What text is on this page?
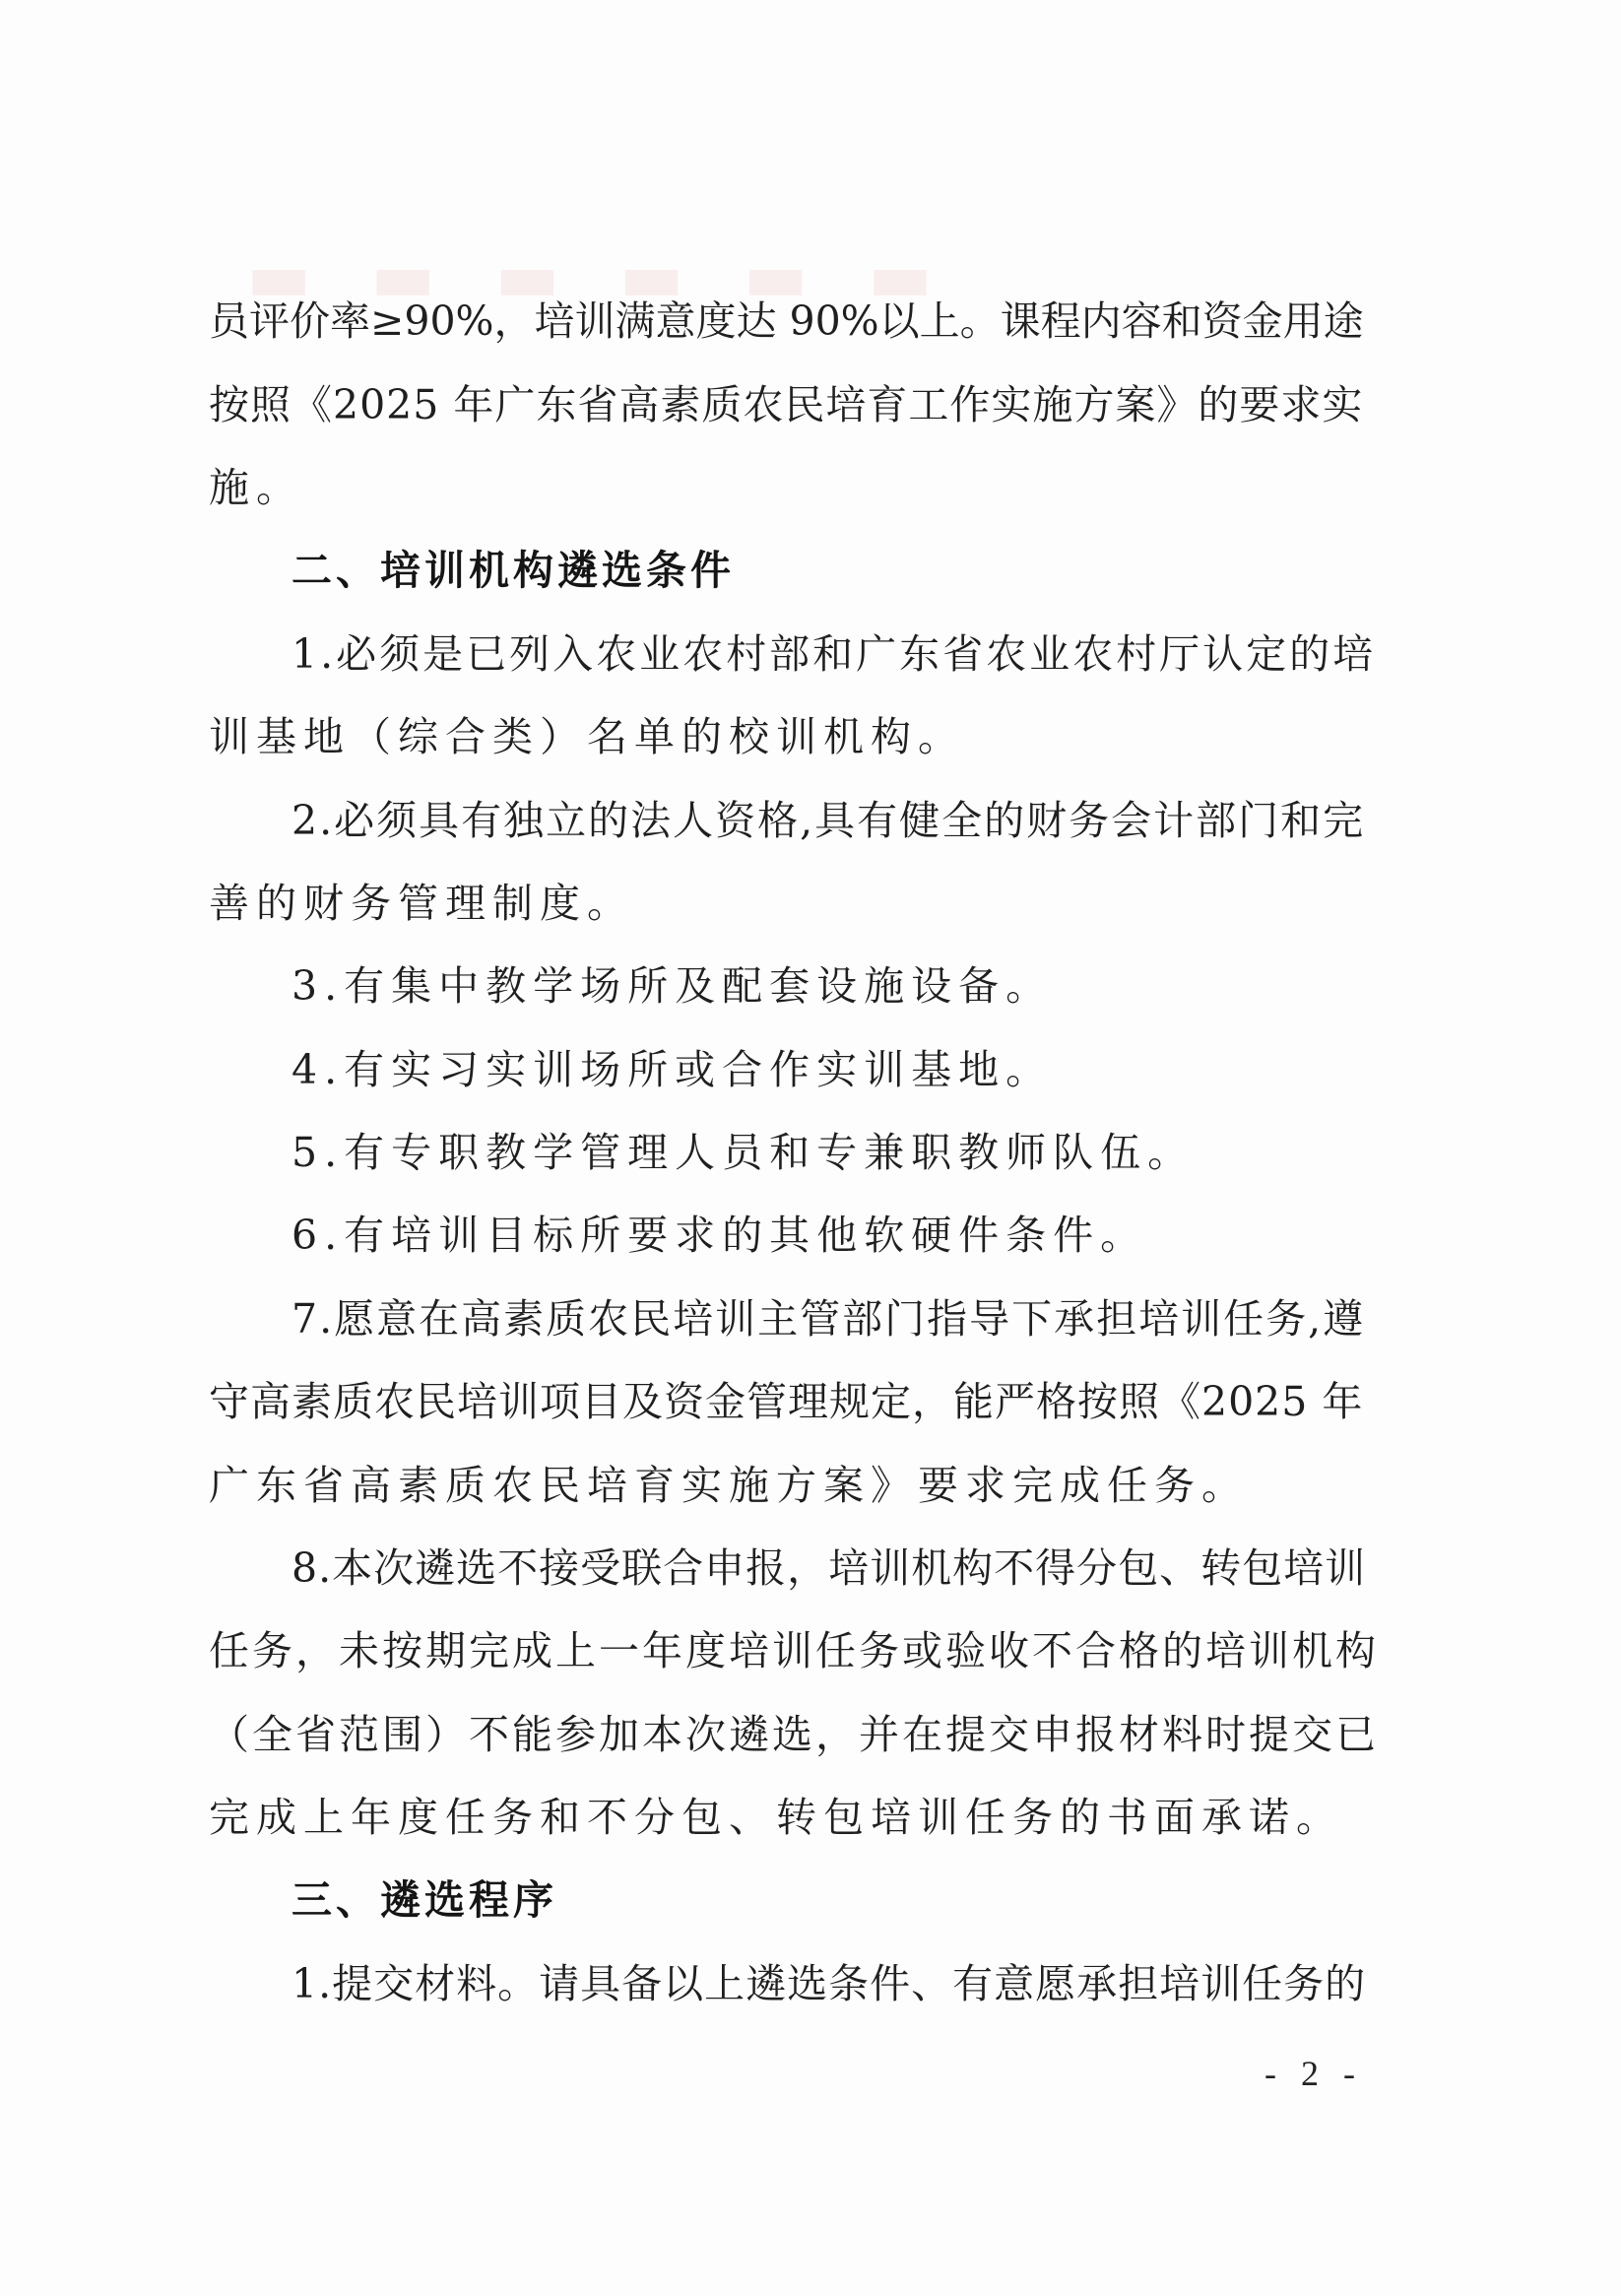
▬▬▬▬▬▬
员评价率≥90%，培训满意度达 90%以上。课程内容和资金用途
按照《2025 年广东省高素质农民培育工作实施方案》的要求实
施。
二、培训机构遴选条件
1.必须是已列入农业农村部和广东省农业农村厅认定的培
训基地（综合类）名单的校训机构。
2.必须具有独立的法人资格,具有健全的财务会计部门和完
善的财务管理制度。
3.有集中教学场所及配套设施设备。
4.有实习实训场所或合作实训基地。
5.有专职教学管理人员和专兼职教师队伍。
6.有培训目标所要求的其他软硬件条件。
7.愿意在高素质农民培训主管部门指导下承担培训任务,遵
守高素质农民培训项目及资金管理规定，能严格按照《2025 年
广东省高素质农民培育实施方案》要求完成任务。
8.本次遴选不接受联合申报，培训机构不得分包、转包培训
任务，未按期完成上一年度培训任务或验收不合格的培训机构
（全省范围）不能参加本次遴选，并在提交申报材料时提交已
完成上年度任务和不分包、转包培训任务的书面承诺。
三、遴选程序
1.提交材料。请具备以上遴选条件、有意愿承担培训任务的
- 2 -
